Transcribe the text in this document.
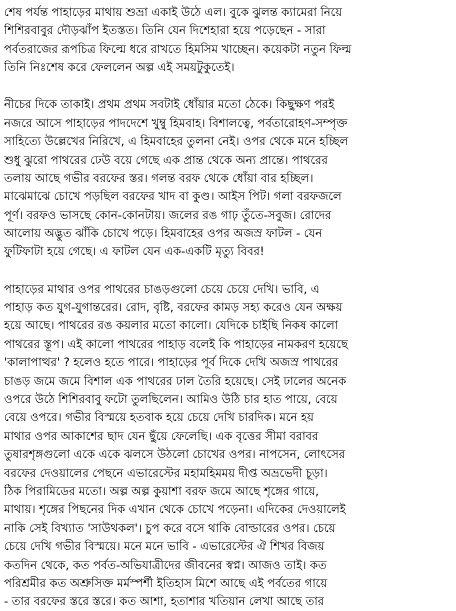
শেষ পর্যন্ত পাহাড়ের মাথায় শুভ্রা একাই উঠে এল। বুকে ঝুলন্ত ক্যামেরা নিয়ে
শিশিরবাবুর দৌড়ঝাঁপ ইতস্তত। তিনি যেন দিশেহারা হয়ে পড়েছেন - সারা
পর্বতরাজের রূপচিত্র ফিল্মে ধরে রাখতে হিমসিম খাচ্ছেন। কয়েকটা নতুন ফিল্ম
তিনি নিঃশেষ করে ফেললেন অল্প এই সময়টুকুতেই।
নীচের দিকে তাকাই। প্রথম প্রথম সবটাই ধোঁয়ার মতো ঠেকে। কিছুক্ষণ পরই
নজরে আসে পাহাড়ের পাদদেশে খুম্বু হিমবাহ। বিশালত্বে, পর্বতারোহণ-সম্পৃক্ত
সাহিত্যে উল্লেখের নিরিখে, এ হিমবাহের তুলনা নেই। ওপর থেকে মনে হচ্ছিল
শুধু ঝুরো পাথরের ঢেউ বয়ে গেছে এক প্রান্ত থেকে অন্য প্রান্তে। পাথরের
তলায় আছে গভীর বরফের স্তর। গলন্ত বরফ থেকে ধোঁয়া বার হচ্ছিল।
মাঝেমাঝে চোখে পড়ছিল বরফের খাদ বা কুণ্ড। আইস পিট। গলা বরফজলে
পূর্ণ। বরফও ভাসছে কোন-কোনটায়। জলের রঙ গাঢ় তুঁতে-সবুজ। রোদের
আলোয় অদ্ভুত ঝাঁকি চোখে পড়ে। হিমবাহের ওপর অজস্র ফাটল - যেন
ফুটিফাটা হয়ে গেছে। এ ফাটল যেন এক-একটি মৃত্যু বিবর!
পাহাড়ের মাথার ওপর পাথরের চাঙড়গুলো চেয়ে চেয়ে দেখি। ভাবি, এ
পাহাড় কত যুগ-যুগান্তরের। রোদ, বৃষ্টি, বরফের কামড় সহ্য করেও যেন অক্ষয়
হয়ে আছে। পাথরের রঙ কয়লার মতো কালো। যেদিকে চাইছি নিকষ কালো
পাথরের স্তূপ। এই কালো পাথরের পাহাড় বলেই কি পাহাড়ের নামকরণ হয়েছে
'কালাপাত্থর' ? হলেও হতে পারে। পাহাড়ের পূর্ব দিকে দেখি অজস্র পাথরের
চাঙড় জমে জমে বিশাল এক পাথরের ঢাল তৈরি হয়েছে। সেই ঢালের অনেক
ওপরে উঠে শিশিরবাবু ফটো তুলছিলেন। আমিও উঠি চার হাত পায়ে, বেয়ে
বেয়ে ওপরে। গভীর বিস্ময়ে হতবাক হয়ে চেয়ে দেখি চারদিক। মনে হয়
মাথার ওপর আকাশের ছাদ যেন ছুঁয়ে ফেলেছি। এক বৃত্তের সীমা বরাবর
তুষারশৃঙ্গগুলো একে একে ঝলসে উঠলো চোখের ওপর। নাপসেন, লোৎসের
বরফের দেওয়ালের পেছনে এভারেস্টের মহামহিমময় দীপ্ত অভ্রভেদী চূড়া।
ঠিক পিরামিডের মতো। অল্প অল্প কুয়াশা বরফ জমে আছে শৃঙ্গের গায়ে,
মাথায়। শৃঙ্গের পিছনের দিক এখান থেকে চোখে পড়েনা। এদিকের দেওয়ালেই
নাকি সেই বিখ্যাত 'সাউথকল'। চুপ করে বসে থাকি বোল্ডারের ওপর। চেয়ে
চেয়ে দেখি গভীর বিস্ময়ে। মনে মনে ভাবি - এভারেস্টের ঐ শিখর বিজয়
কতদিন থেকে, কত পর্বত-অভিযাত্রীদের জীবনের স্বপ্ন। আজও তাই। কত
পরিশ্রমীর কত অশ্রুসিক্ত মর্মস্পর্শী ইতিহাস মিশে আছে এই পর্বতের গায়ে
- তার বরফের স্তরে স্তরে। কত আশা, হতাশার খতিয়ান লেখা আছে তার
